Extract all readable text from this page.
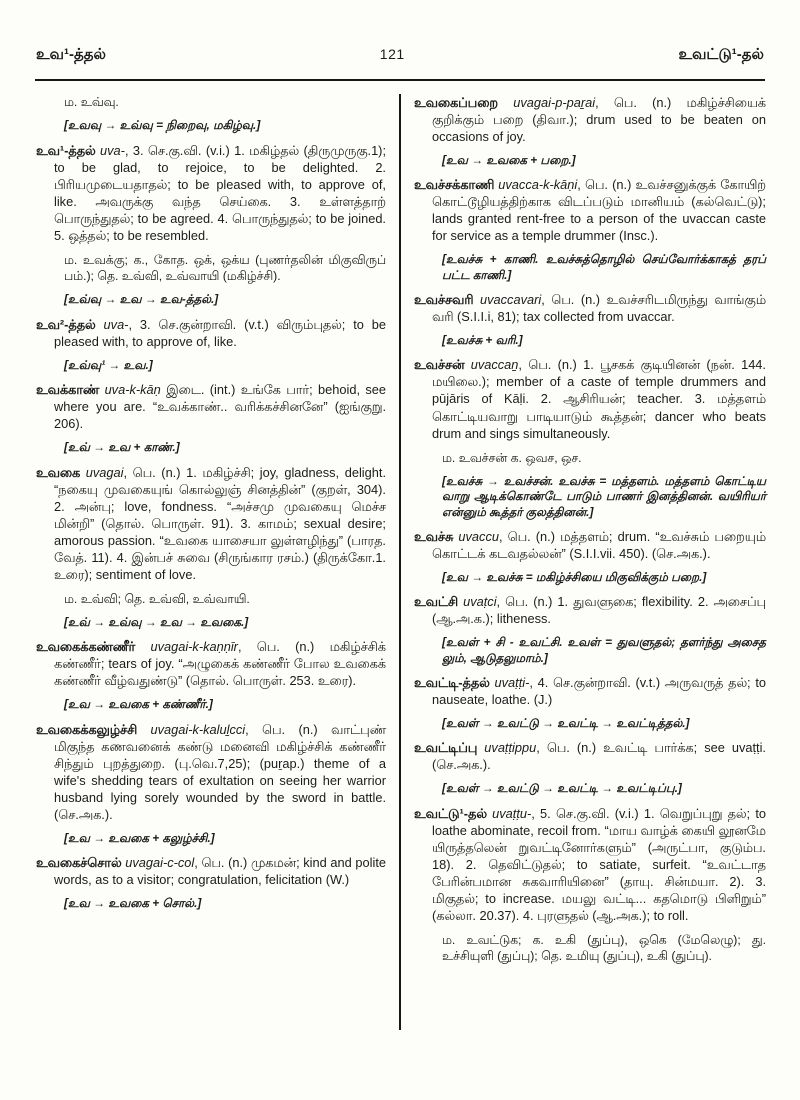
உவ¹-த்தல்	121	உவட்டு¹-தல்

ம. உவ்வு.

[உவவு → உவ்வு = நிறைவு, மகிழ்வு.]

உவ¹-த்தல் uva-, 3. செ.கு.வி. (v.i.) 1. மகிழ்தல் (திருமுருகு.1); to be glad, to rejoice, to be delighted. 2. பிரியமுடையதாதல்; to be pleased with, to approve of, like. அவருக்கு வந்த செய்கை. 3. உள்ளத்தாற் பொருந்துதல்; to be agreed. 4. பொருந்துதல்; to be joined. 5. ஒத்தல்; to be resembled.

ம. உவக்கு; க., கோத. ஒக், ஒக்ய (புணர்தலின் மிகுவிருப் பம்.); தெ. உவ்வி, உவ்வாயி (மகிழ்ச்சி).

[உவ்வு → உவ → உவ-த்தல்.]

உவ²-த்தல் uva-, 3. செ.குன்றாவி. (v.t.) விரும்புதல்; to be pleased with, to approve of, like.

[உவ்வு¹ → உவ.]

உவக்காண் uva-k-kāṇ இடை. (int.) உங்கே பார்; behoid, see where you are. “உவக்காண்.. வரிக்கச்சினனே” (ஐங்குறு. 206).

[உவ் → உவ + காண்.]

உவகை uvagai, பெ. (n.) 1. மகிழ்ச்சி; joy, gladness, delight. “நகையு முவகையுங் கொல்லுஞ் சினத்தின்” (குறள், 304). 2. அன்பு; love, fondness. “அச்சமு முவகையு மெச்ச மின்றி” (தொல். பொருள். 91). 3. காமம்; sexual desire; amorous passion. “உவகை யாசையா லுள்ளழிந்து” (பாரத. வேத். 11). 4. இன்பச் சுவை (சிருங்கார ரசம்.) (திருக்கோ.1. உரை); sentiment of love.

ம. உவ்வி; தெ. உவ்வி, உவ்வாயி.

[உவ் → உவ்வு → உவ → உவகை.]

உவகைக்கண்ணீர் uvagai-k-kaṇṇīr, பெ. (n.) மகிழ்ச்சிக் கண்ணீர்; tears of joy. “அழுகைக் கண்ணீர் போல உவகைக் கண்ணீர் வீழ்வதுண்டு” (தொல். பொருள். 253. உரை).

[உவ → உவகை + கண்ணீர்.]

உவகைக்கலுழ்ச்சி uvagai-k-kaluḻcci, பெ. (n.) வாட்புண் மிகுந்த கணவனைக் கண்டு மனைவி மகிழ்ச்சிக் கண்ணீர் சிந்தும் புறத்துறை. (பு.வெ.7,25); (puṟap.) theme of a wife's shedding tears of exultation on seeing her warrior husband lying sorely wounded by the sword in battle. (செ.அக.).

[உவ → உவகை + கலுழ்ச்சி.]

உவகைச்சொல் uvagai-c-col, பெ. (n.) முகமன்; kind and polite words, as to a visitor; congratulation, felicitation (W.)

[உவ → உவகை + சொல்.]

உவகைப்பறை uvagai-p-paṟai, பெ. (n.) மகிழ்ச்சியைக் குறிக்கும் பறை (திவா.); drum used to be beaten on occasions of joy.

[உவ → உவகை + பறை.]

உவச்சக்காணி uvacca-k-kāṇi, பெ. (n.) உவச்சனுக்குக் கோயிற் கொட்டூழியத்திற்காக விடப்படும் மானியம் (கல்வெட்டு); lands granted rent-free to a person of the uvaccan caste for service as a temple drummer (Insc.).

[உவச்சு + காணி. உவச்சுத்தொழில் செய்வோர்க்காகத் தரப் பட்ட காணி.]

உவச்சவரி uvaccavari, பெ. (n.) உவச்சரிடமிருந்து வாங்கும் வரி (S.I.I.i, 81); tax collected from uvaccar.

[உவச்சு + வரி.]

உவச்சன் uvaccaṉ, பெ. (n.) 1. பூசகக் குடியினன் (நன். 144. மயிலை.); member of a caste of temple drummers and pūjāris of Kāḷi. 2. ஆசிரியன்; teacher. 3. மத்தளம் கொட்டியவாறு பாடியாடும் கூத்தன்; dancer who beats drum and sings simultaneously.

ம. உவச்சன் க. ஒவச, ஒச.

[உவச்சு → உவச்சன். உவச்சு = மத்தளம். மத்தளம் கொட்டிய வாறு ஆடிக்கொண்டே பாடும் பாணர் இனத்தினன். வயிரியர் என்னும் கூத்தர் குலத்தினன்.]

உவச்சு uvaccu, பெ. (n.) மத்தளம்; drum. “உவச்சும் பறையும் கொட்டக் கடவதல்லன்” (S.I.I.vii. 450). (செ.அக.).

[உவ → உவச்சு = மகிழ்ச்சியை மிகுவிக்கும் பறை.]

உவட்சி uvaṭci, பெ. (n.) 1. துவளுகை; flexibility. 2. அசைப்பு (ஆ.அ.க.); litheness.

[உவள் + சி - உவட்சி. உவள் = துவளுதல்; தளர்ந்து அசைத லும், ஆடுதலுமாம்.]

உவட்டி-த்தல் uvaṭṭi-, 4. செ.குன்றாவி. (v.t.) அருவருத் தல்; to nauseate, loathe. (J.)

[உவள் → உவட்டு → உவட்டி → உவட்டித்தல்.]

உவட்டிப்பு uvaṭṭippu, பெ. (n.) உவட்டி பார்க்க; see uvaṭṭi. (செ.அக.).

[உவள் → உவட்டு → உவட்டி → உவட்டிப்பு.]

உவட்டு¹-தல் uvaṭṭu-, 5. செ.கு.வி. (v.i.) 1. வெறுப்புறு தல்; to loathe abominate, recoil from. “மாய வாழ்க் கையி லூனமே யிருத்தலென் றுவட்டினோர்களும்” (அருட்பா, குடும்ப. 18). 2. தெவிட்டுதல்; to satiate, surfeit. “உவட்டாத பேரின்பமான சுகவாரியினை” (தாயு. சின்மயா. 2). 3. மிகுதல்; to increase. மயலு வட்டி... கதமொடு பிளிறும்” (கல்லா. 20.37). 4. புரளுதல் (ஆ.அக.); to roll.

ம. உவட்டுக; க. உகி (துப்பு), ஒகெ (மேலெழு); து. உச்சியுளி (துப்பு); தெ. உமியு (துப்பு), உகி (துப்பு).
